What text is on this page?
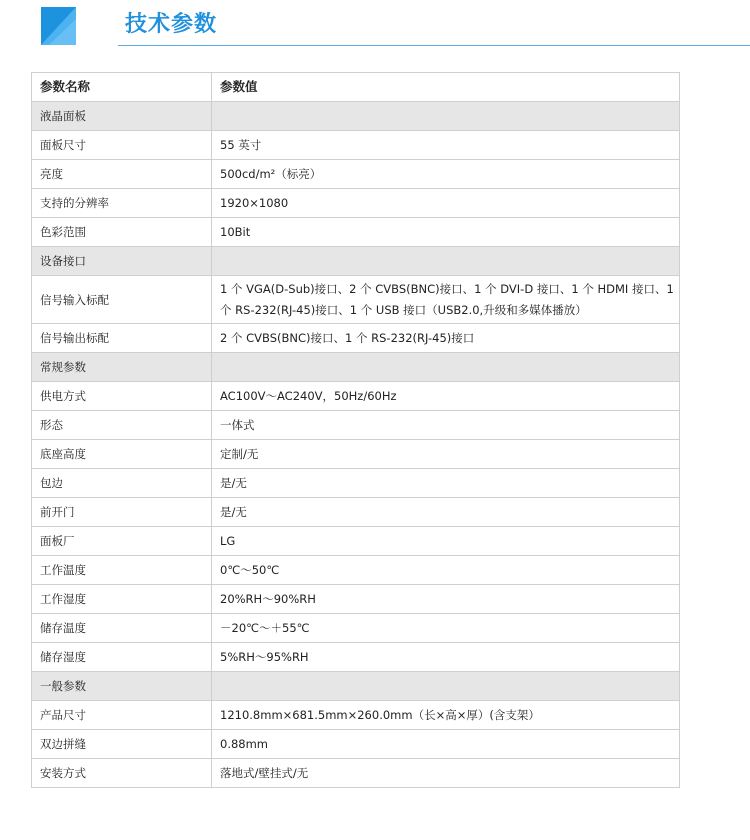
技术参数
参数名称	参数值
液晶面板	
面板尺寸	55 英寸
亮度	500cd/m²（标亮）
支持的分辨率	1920×1080
色彩范围	10Bit
设备接口	
信号输入标配	1 个 VGA(D-Sub)接口、2 个 CVBS(BNC)接口、1 个 DVI-D 接口、1 个 HDMI 接口、1 个 RS-232(RJ-45)接口、1 个 USB 接口（USB2.0,升级和多媒体播放）
信号输出标配	2 个 CVBS(BNC)接口、1 个 RS-232(RJ-45)接口
常规参数	
供电方式	AC100V～AC240V，50Hz/60Hz
形态	一体式
底座高度	定制/无
包边	是/无
前开门	是/无
面板厂	LG
工作温度	0℃～50℃
工作湿度	20%RH～90%RH
储存温度	－20℃～＋55℃
储存湿度	5%RH～95%RH
一般参数	
产品尺寸	1210.8mm×681.5mm×260.0mm（长×高×厚）(含支架）
双边拼缝	0.88mm
安装方式	落地式/壁挂式/无
